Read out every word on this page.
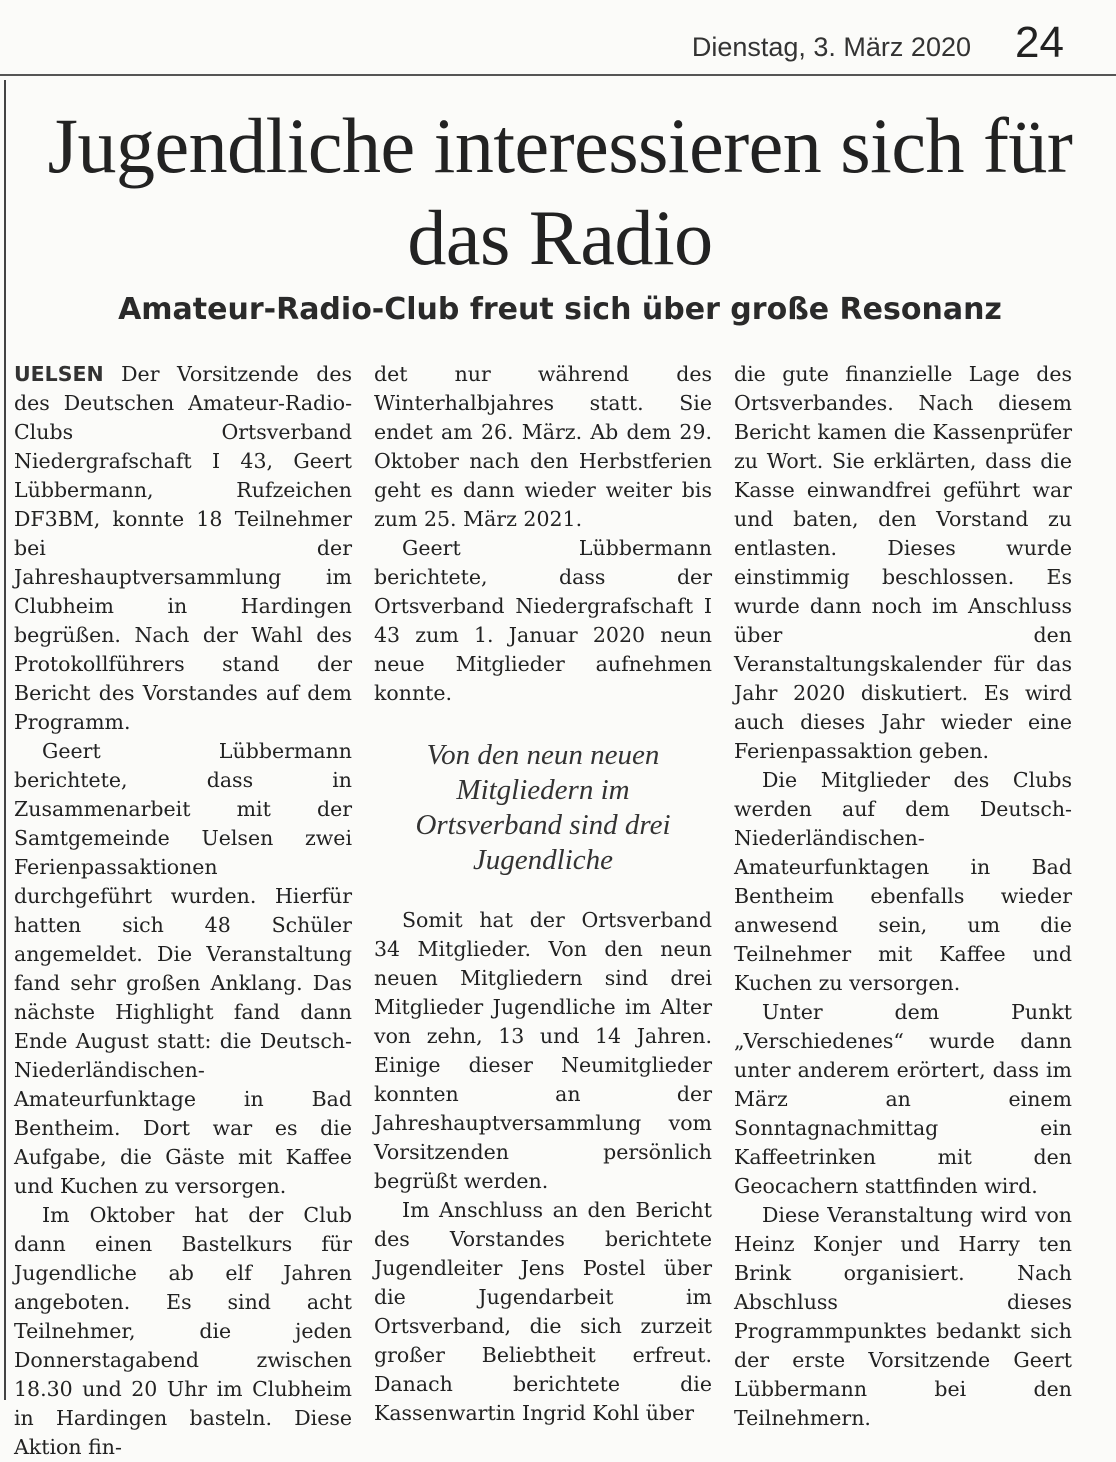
Dienstag, 3. März 2020 24
Jugendliche interessieren sich für das Radio
Amateur-Radio-Club freut sich über große Resonanz

UELSEN Der Vorsitzende des des Deutschen Amateur-Radio-Clubs Ortsverband Niedergrafschaft I 43, Geert Lübbermann, Rufzeichen DF3BM, konnte 18 Teilnehmer bei der Jahreshauptversammlung im Clubheim in Hardingen begrüßen. Nach der Wahl des Protokollführers stand der Bericht des Vorstandes auf dem Programm.

Geert Lübbermann berichtete, dass in Zusammenarbeit mit der Samtgemeinde Uelsen zwei Ferienpassaktionen durchgeführt wurden. Hierfür hatten sich 48 Schüler angemeldet. Die Veranstaltung fand sehr großen Anklang. Das nächste Highlight fand dann Ende August statt: die Deutsch-Niederländischen-Amateurfunktage in Bad Bentheim. Dort war es die Aufgabe, die Gäste mit Kaffee und Kuchen zu versorgen.

Im Oktober hat der Club dann einen Bastelkurs für Jugendliche ab elf Jahren angeboten. Es sind acht Teilnehmer, die jeden Donnerstagabend zwischen 18.30 und 20 Uhr im Clubheim in Hardingen basteln. Diese Aktion fin-

det nur während des Winterhalbjahres statt. Sie endet am 26. März. Ab dem 29. Oktober nach den Herbstferien geht es dann wieder weiter bis zum 25. März 2021.

Geert Lübbermann berichtete, dass der Ortsverband Niedergrafschaft I 43 zum 1. Januar 2020 neun neue Mitglieder aufnehmen konnte.

Von den neun neuen Mitgliedern im Ortsverband sind drei Jugendliche

Somit hat der Ortsverband 34 Mitglieder. Von den neun neuen Mitgliedern sind drei Mitglieder Jugendliche im Alter von zehn, 13 und 14 Jahren. Einige dieser Neumitglieder konnten an der Jahreshauptversammlung vom Vorsitzenden persönlich begrüßt werden.

Im Anschluss an den Bericht des Vorstandes berichtete Jugendleiter Jens Postel über die Jugendarbeit im Ortsverband, die sich zurzeit großer Beliebtheit erfreut. Danach berichtete die Kassenwartin Ingrid Kohl über

die gute finanzielle Lage des Ortsverbandes. Nach diesem Bericht kamen die Kassenprüfer zu Wort. Sie erklärten, dass die Kasse einwandfrei geführt war und baten, den Vorstand zu entlasten. Dieses wurde einstimmig beschlossen. Es wurde dann noch im Anschluss über den Veranstaltungskalender für das Jahr 2020 diskutiert. Es wird auch dieses Jahr wieder eine Ferienpassaktion geben.

Die Mitglieder des Clubs werden auf dem Deutsch-Niederländischen-Amateurfunktagen in Bad Bentheim ebenfalls wieder anwesend sein, um die Teilnehmer mit Kaffee und Kuchen zu versorgen.

Unter dem Punkt „Verschiedenes“ wurde dann unter anderem erörtert, dass im März an einem Sonntagnachmittag ein Kaffeetrinken mit den Geocachern stattfinden wird.

Diese Veranstaltung wird von Heinz Konjer und Harry ten Brink organisiert. Nach Abschluss dieses Programmpunktes bedankt sich der erste Vorsitzende Geert Lübbermann bei den Teilnehmern.
